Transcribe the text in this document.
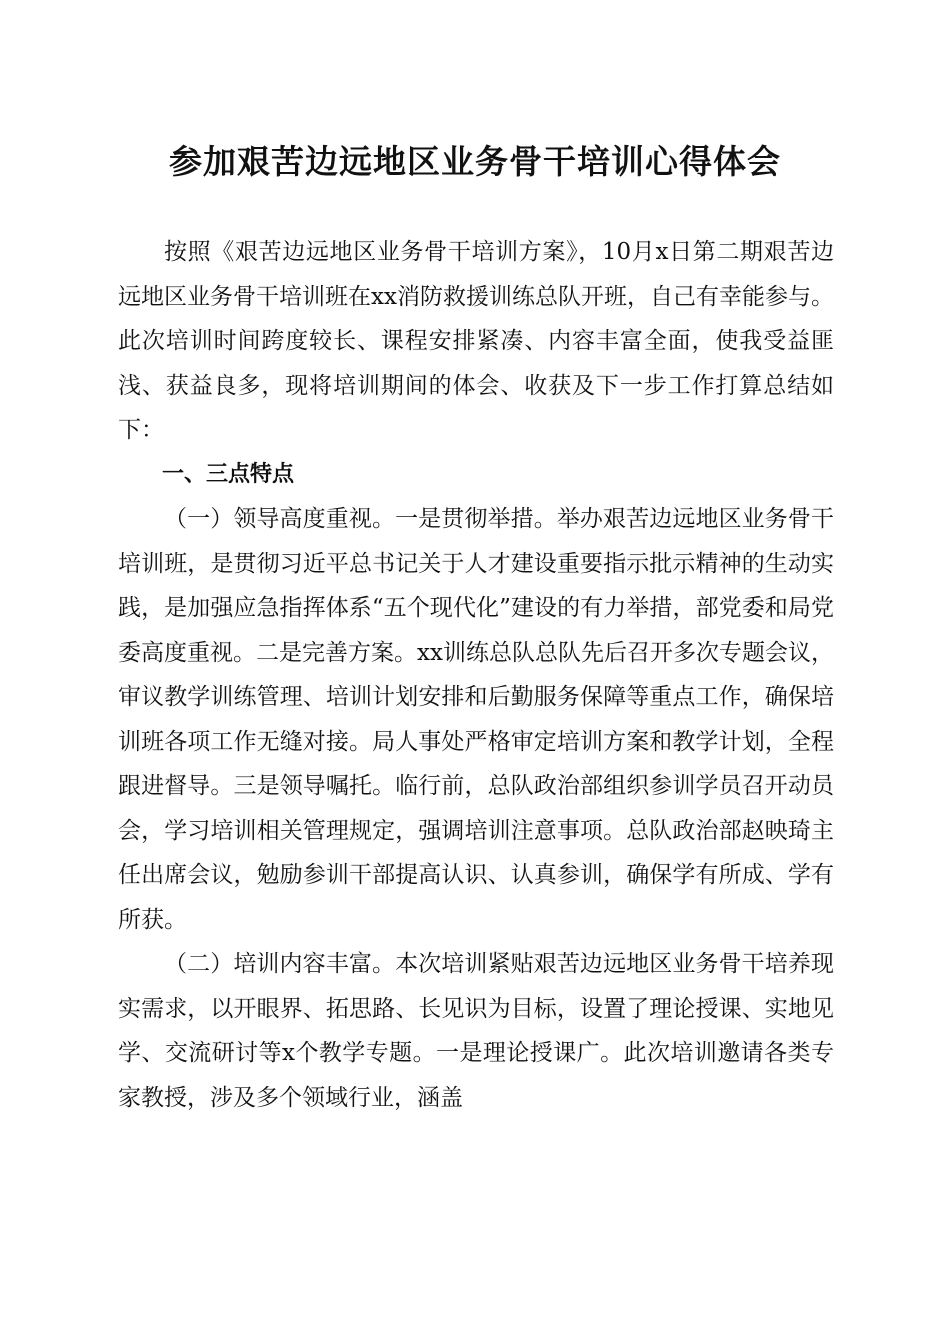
参加艰苦边远地区业务骨干培训心得体会

按照《艰苦边远地区业务骨干培训方案》，10月x日第二期艰苦边远地区业务骨干培训班在xx消防救援训练总队开班，自己有幸能参与。此次培训时间跨度较长、课程安排紧凑、内容丰富全面，使我受益匪浅、获益良多，现将培训期间的体会、收获及下一步工作打算总结如下：

一、三点特点

（一）领导高度重视。一是贯彻举措。举办艰苦边远地区业务骨干培训班，是贯彻习近平总书记关于人才建设重要指示批示精神的生动实践，是加强应急指挥体系“五个现代化”建设的有力举措，部党委和局党委高度重视。二是完善方案。xx训练总队总队先后召开多次专题会议，审议教学训练管理、培训计划安排和后勤服务保障等重点工作，确保培训班各项工作无缝对接。局人事处严格审定培训方案和教学计划，全程跟进督导。三是领导嘱托。临行前，总队政治部组织参训学员召开动员会，学习培训相关管理规定，强调培训注意事项。总队政治部赵映琦主任出席会议，勉励参训干部提高认识、认真参训，确保学有所成、学有所获。

（二）培训内容丰富。本次培训紧贴艰苦边远地区业务骨干培养现实需求，以开眼界、拓思路、长见识为目标，设置了理论授课、实地见学、交流研讨等x个教学专题。一是理论授课广。此次培训邀请各类专家教授，涉及多个领域行业，涵盖
